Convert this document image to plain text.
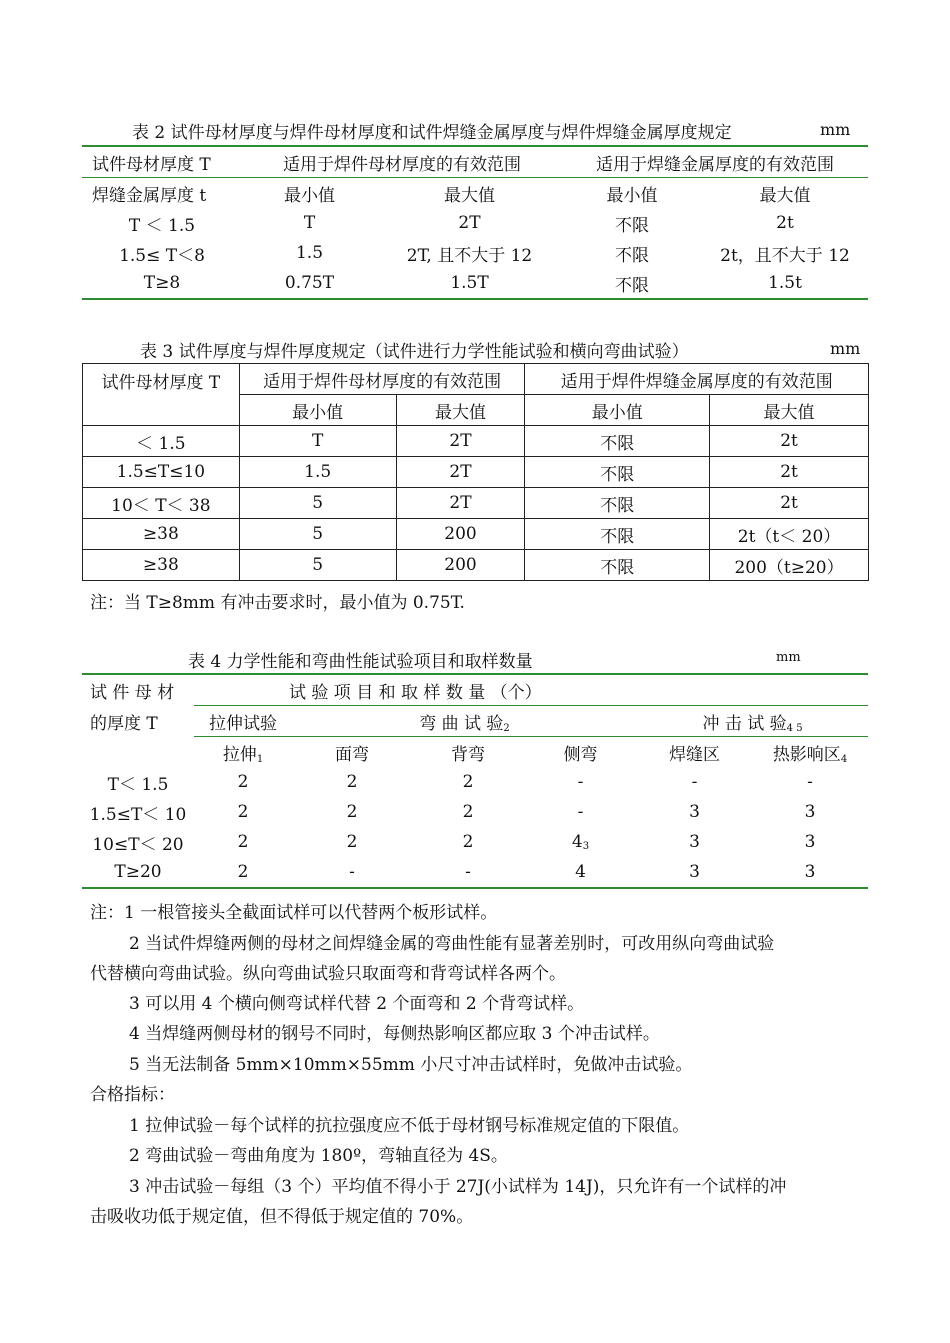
表 2 试件母材厚度与焊件母材厚度和试件焊缝金属厚度与焊件焊缝金属厚度规定	mm
试件母材厚度 T	适用于焊件母材厚度的有效范围		适用于焊缝金属厚度的有效范围	
焊缝金属厚度 t	最小值	最大值	最小值	最大值
T ＜ 1.5	T	2T	不限	2t
1.5≤ T＜8	1.5	2T, 且不大于 12	不限	2t，且不大于 12
T≥8	0.75T	1.5T	不限	1.5t
表 3 试件厚度与焊件厚度规定（试件进行力学性能试验和横向弯曲试验）	mm
试件母材厚度 T	适用于焊件母材厚度的有效范围		适用于焊件焊缝金属厚度的有效范围	
	最小值	最大值	最小值	最大值
＜ 1.5	T	2T	不限	2t
1.5≤T≤10	1.5	2T	不限	2t
10＜ T＜ 38	5	2T	不限	2t
≥38	5	200	不限	2t（t＜ 20）
≥38	5	200	不限	200（t≥20）
注：当 T≥8mm 有冲击要求时，最小值为 0.75T.
表 4 力学性能和弯曲性能试验项目和取样数量	mm
试 件 母 材	试 验 项 目 和 取 样 数 量 （个）					
的厚度 T	拉伸试验	弯 曲 试 验$_2$			冲 击 试 验$_{4 5}$
	拉伸$_1$	面弯	背弯	侧弯	焊缝区	热影响区$_4$
T＜ 1.5	2	2	2	-	-	-
1.5≤T＜ 10	2	2	2	-	3	3
10≤T＜ 20	2	2	2	$4_3$	3	3
T≥20	2	-	-	4	3	3
注：1 一根管接头全截面试样可以代替两个板形试样。
2 当试件焊缝两侧的母材之间焊缝金属的弯曲性能有显著差别时，可改用纵向弯曲试验
代替横向弯曲试验。纵向弯曲试验只取面弯和背弯试样各两个。
3 可以用 4 个横向侧弯试样代替 2 个面弯和 2 个背弯试样。
4 当焊缝两侧母材的钢号不同时，每侧热影响区都应取 3 个冲击试样。
5 当无法制备 5mm×10mm×55mm 小尺寸冲击试样时，免做冲击试验。
合格指标：
1 拉伸试验－每个试样的抗拉强度应不低于母材钢号标准规定值的下限值。
2 弯曲试验－弯曲角度为 180º，弯轴直径为 4S。
3 冲击试验－每组（3 个）平均值不得小于 27J(小试样为 14J)，只允许有一个试样的冲
击吸收功低于规定值，但不得低于规定值的 70%。
